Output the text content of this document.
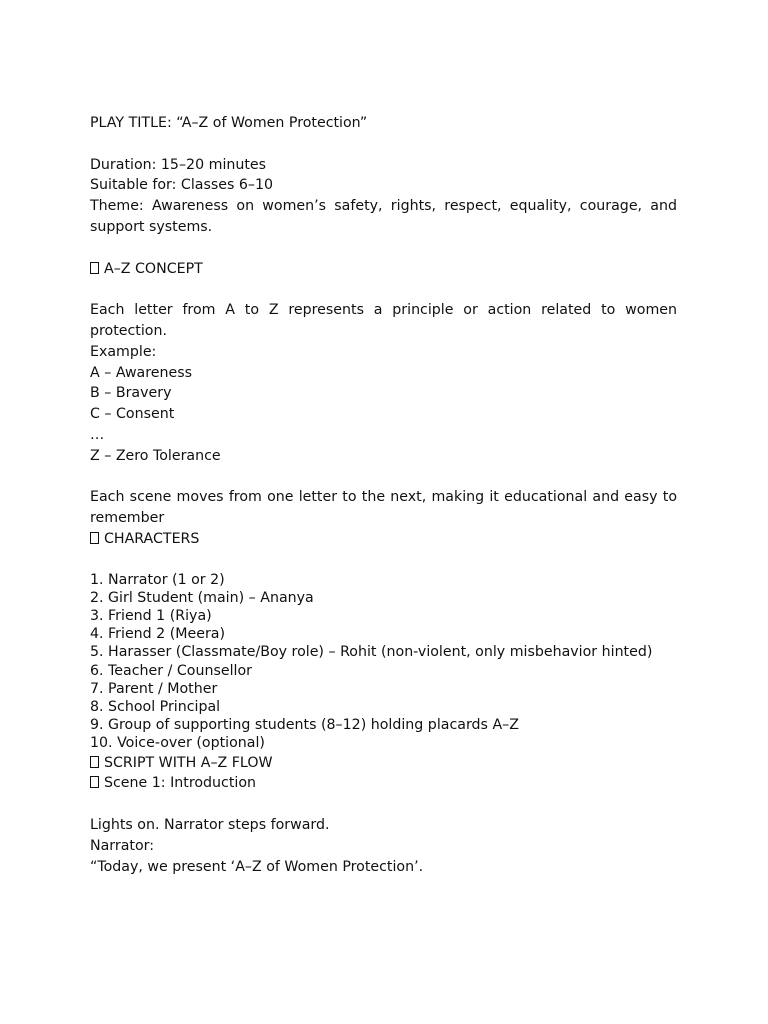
PLAY TITLE: “A–Z of Women Protection”
Duration: 15–20 minutes
Suitable for: Classes 6–10
Theme: Awareness on women’s safety, rights, respect, equality, courage, and support systems.
A–Z CONCEPT
Each letter from A to Z represents a principle or action related to women protection.
Example:
A – Awareness
B – Bravery
C – Consent
…
Z – Zero Tolerance
Each scene moves from one letter to the next, making it educational and easy to remember
CHARACTERS
1. Narrator (1 or 2)
2. Girl Student (main) – Ananya
3. Friend 1 (Riya)
4. Friend 2 (Meera)
5. Harasser (Classmate/Boy role) – Rohit (non-violent, only misbehavior hinted)
6. Teacher / Counsellor
7. Parent / Mother
8. School Principal
9. Group of supporting students (8–12) holding placards A–Z
10. Voice-over (optional)
SCRIPT WITH A–Z FLOW
Scene 1: Introduction
Lights on. Narrator steps forward.
Narrator:
“Today, we present ‘A–Z of Women Protection’.
